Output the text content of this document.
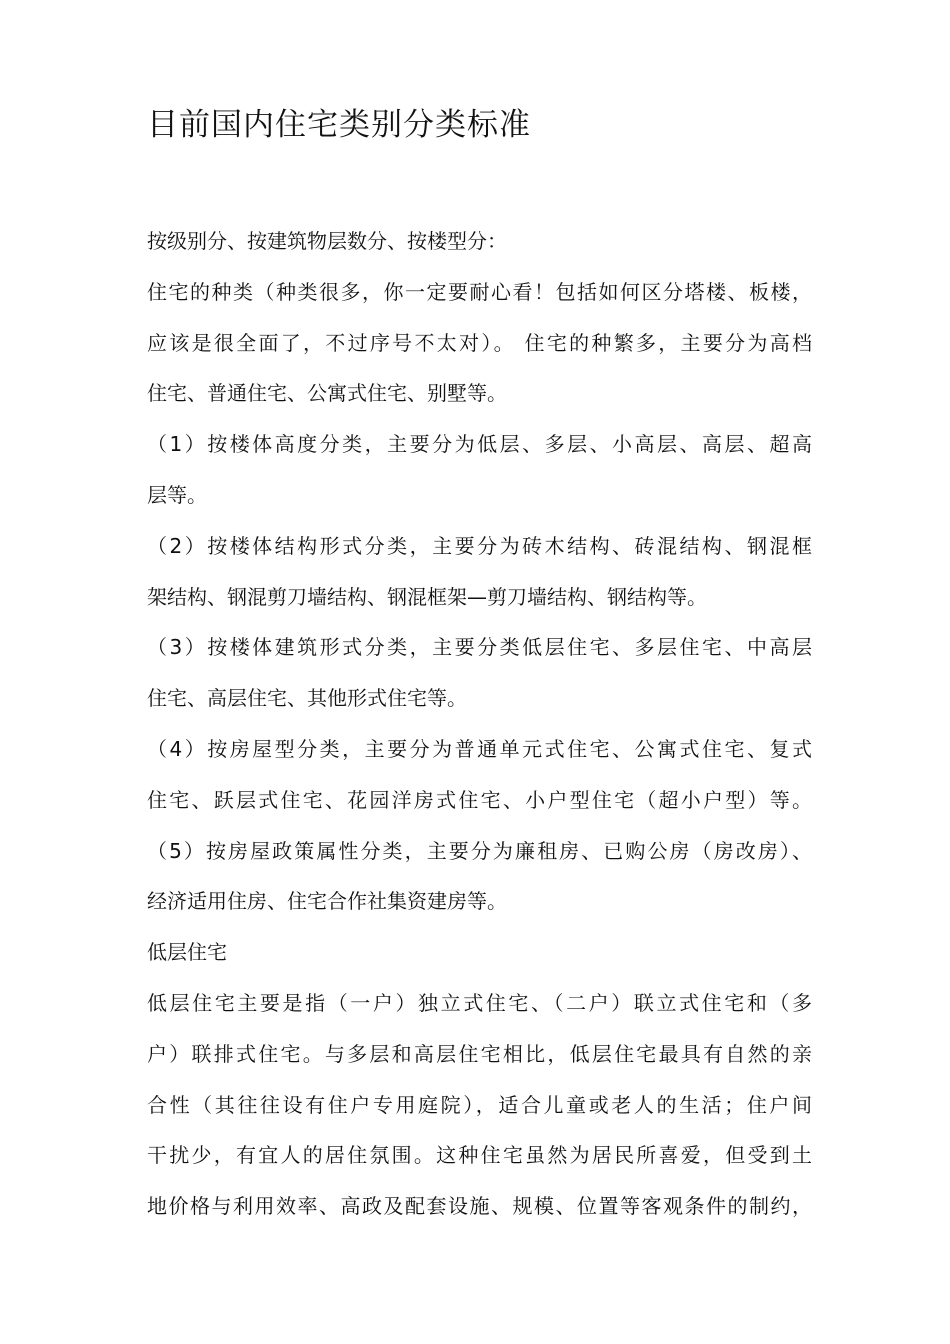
目前国内住宅类别分类标准

按级别分、按建筑物层数分、按楼型分：

住宅的种类（种类很多，你一定要耐心看！包括如何区分塔楼、板楼，

应该是很全面了，不过序号不太对）。 住宅的种繁多，主要分为高档

住宅、普通住宅、公寓式住宅、别墅等。

（1）按楼体高度分类，主要分为低层、多层、小高层、高层、超高

层等。

（2）按楼体结构形式分类，主要分为砖木结构、砖混结构、钢混框

架结构、钢混剪刀墙结构、钢混框架—剪刀墙结构、钢结构等。

（3）按楼体建筑形式分类，主要分类低层住宅、多层住宅、中高层

住宅、高层住宅、其他形式住宅等。

（4）按房屋型分类，主要分为普通单元式住宅、公寓式住宅、复式

住宅、跃层式住宅、花园洋房式住宅、小户型住宅（超小户型）等。

（5）按房屋政策属性分类，主要分为廉租房、已购公房（房改房）、

经济适用住房、住宅合作社集资建房等。

低层住宅

低层住宅主要是指（一户）独立式住宅、（二户）联立式住宅和（多

户）联排式住宅。与多层和高层住宅相比，低层住宅最具有自然的亲

合性（其往往设有住户专用庭院），适合儿童或老人的生活；住户间

干扰少，有宜人的居住氛围。这种住宅虽然为居民所喜爱，但受到土

地价格与利用效率、高政及配套设施、规模、位置等客观条件的制约，
